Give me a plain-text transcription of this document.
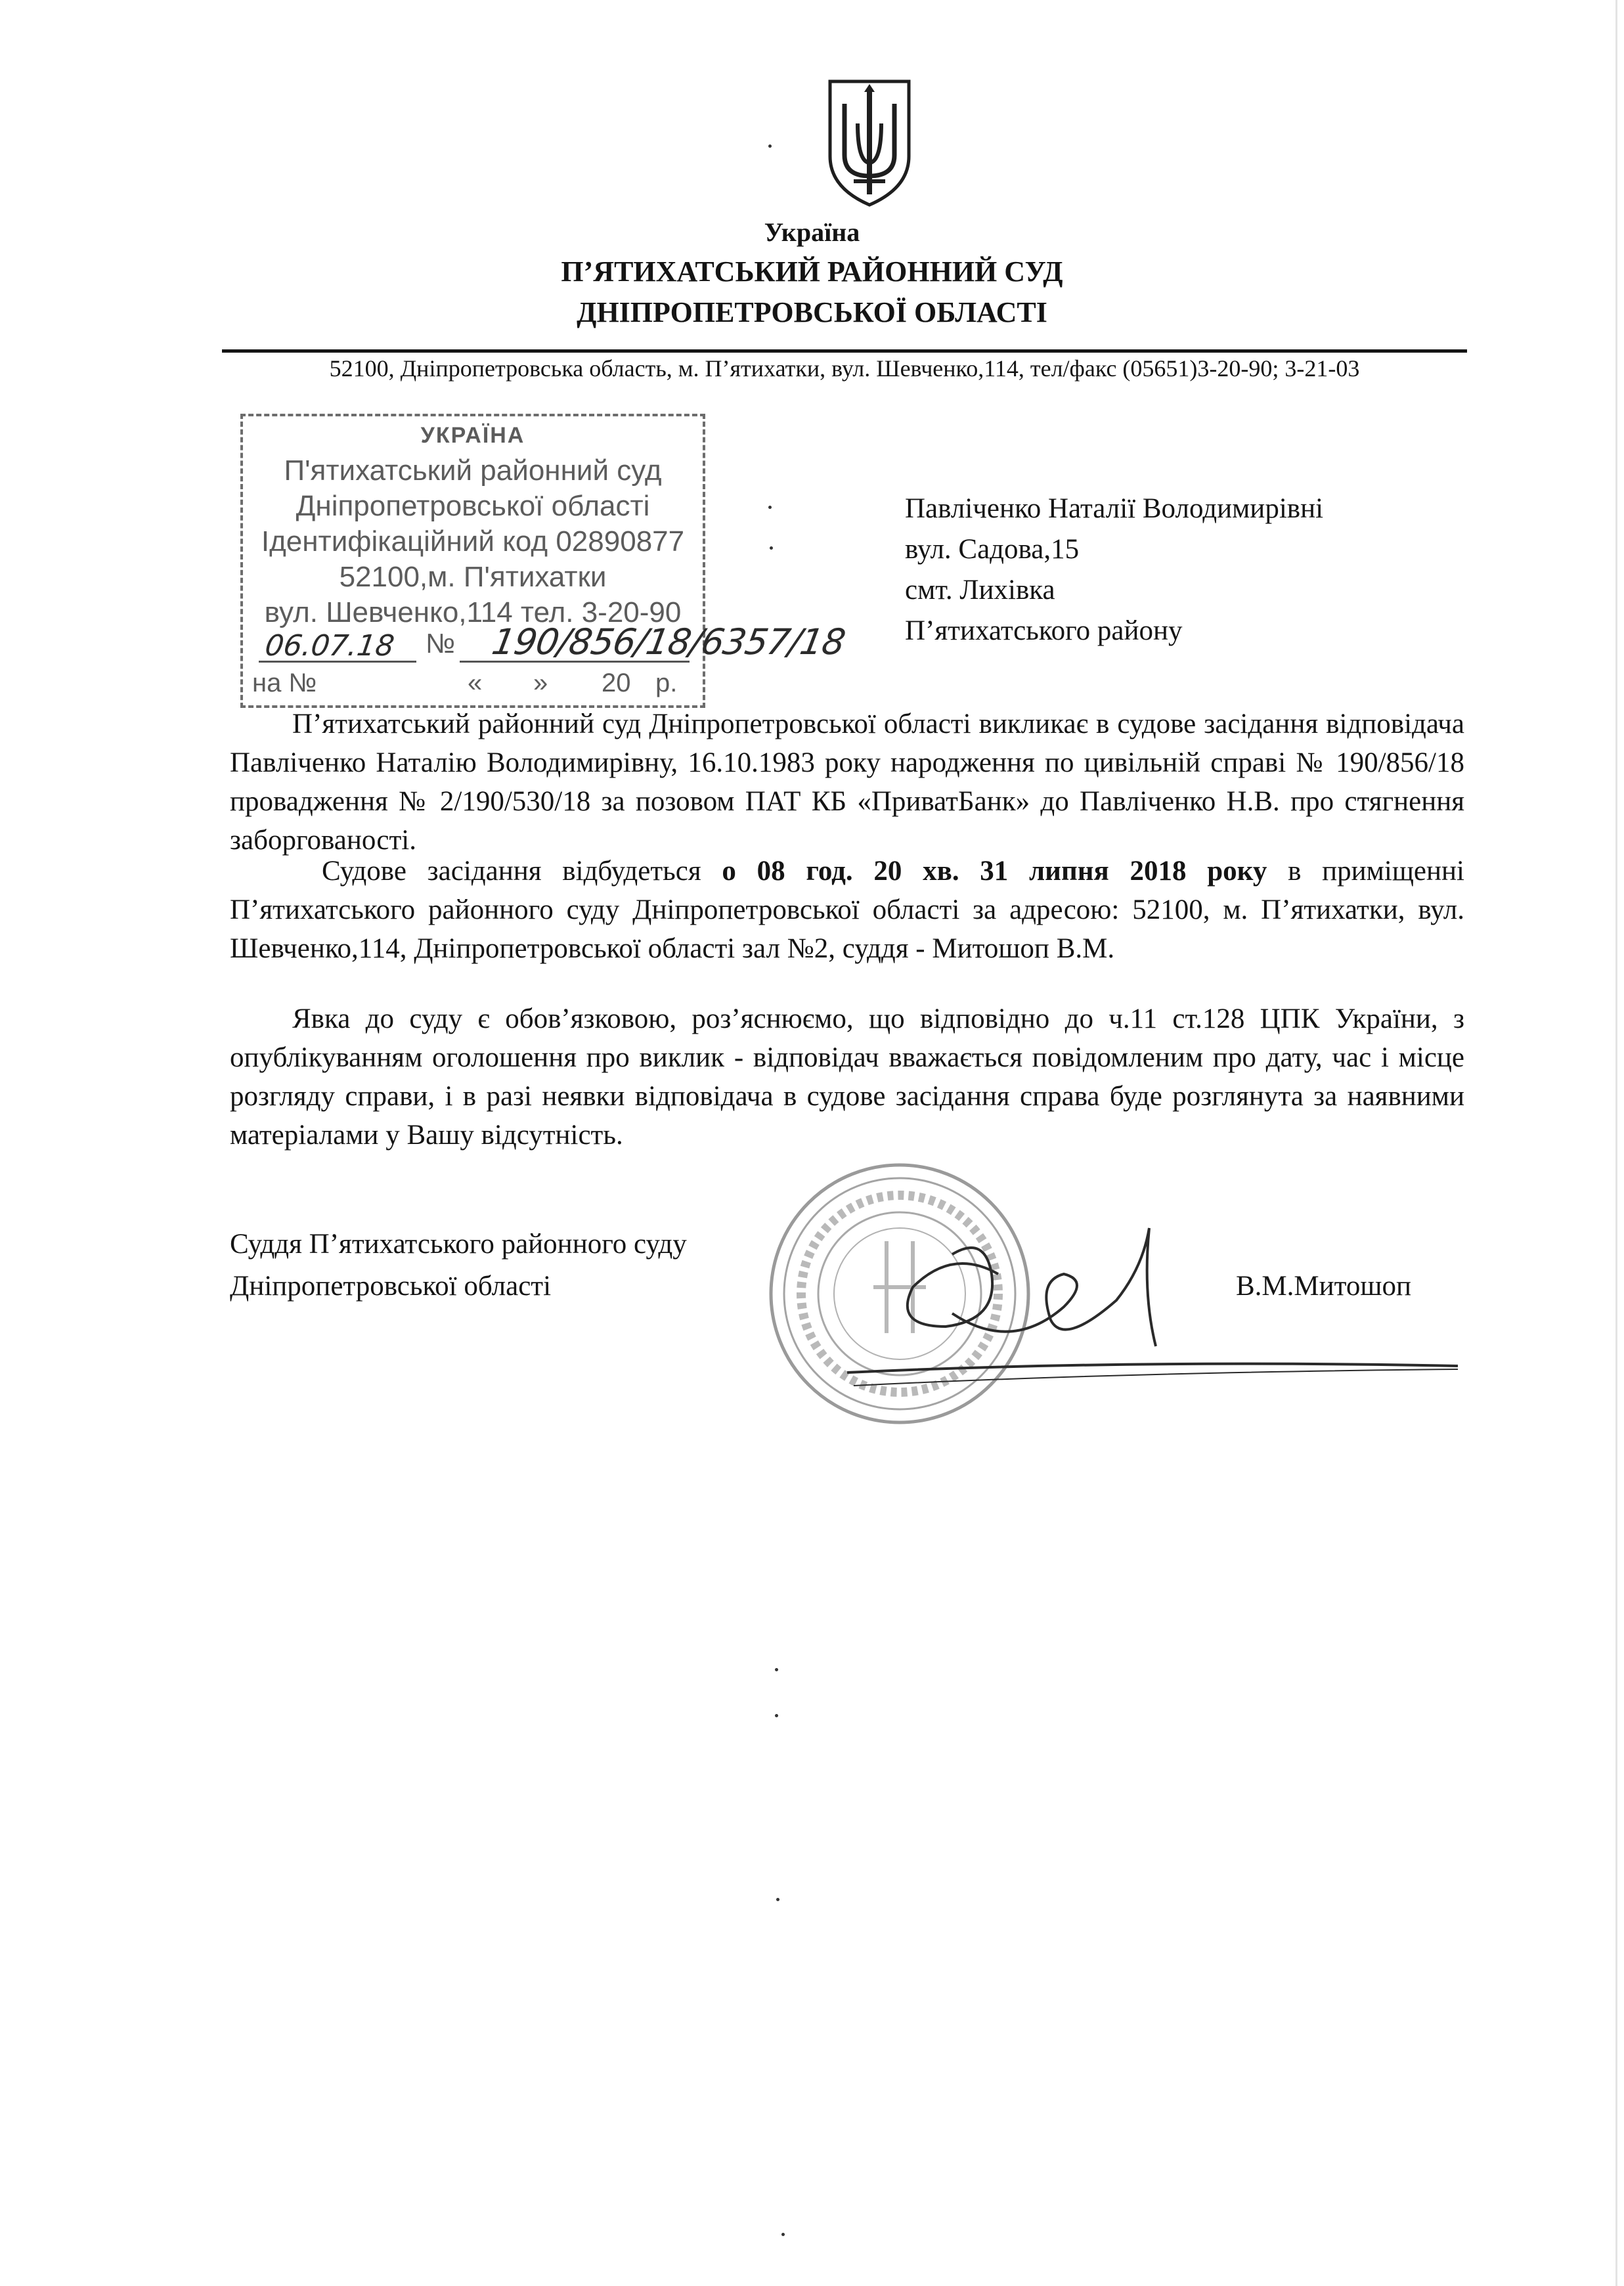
Україна
П’ЯТИХАТСЬКИЙ РАЙОННИЙ СУД
ДНІПРОПЕТРОВСЬКОЇ ОБЛАСТІ
52100, Дніпропетровська область, м. П’ятихатки, вул. Шевченко,114, тел/факс (05651)3-20-90; 3-21-03
УКРАЇНА
П'ятихатський районний суд
Дніпропетровської області
Ідентифікаційний код 02890877
52100,м. П'ятихатки
вул. Шевченко,114 тел. 3-20-90
№
06.07.18	190/856/18/6357/18
на №	« » 20 р.
Павліченко Наталії Володимирівні
вул. Садова,15
смт. Лихівка
П’ятихатського району
П’ятихатський районний суд Дніпропетровської області викликає в судове засідання відповідача Павліченко Наталію Володимирівну, 16.10.1983 року народження по цивільній справі № 190/856/18 провадження № 2/190/530/18 за позовом ПАТ КБ «ПриватБанк» до Павліченко Н.В. про стягнення заборгованості.
Судове засідання відбудеться о 08 год. 20 хв. 31 липня 2018 року в приміщенні П’ятихатського районного суду Дніпропетровської області за адресою: 52100, м. П’ятихатки, вул. Шевченко,114, Дніпропетровської області зал №2, суддя - Митошоп В.М.
Явка до суду є обов’язковою, роз’яснюємо, що відповідно до ч.11 ст.128 ЦПК України, з опублікуванням оголошення про виклик - відповідач вважається повідомленим про дату, час і місце розгляду справи, і в разі неявки відповідача в судове засідання справа буде розглянута за наявними матеріалами у Вашу відсутність.
Суддя П’ятихатського районного суду
Дніпропетровської області	В.М.Митошоп
